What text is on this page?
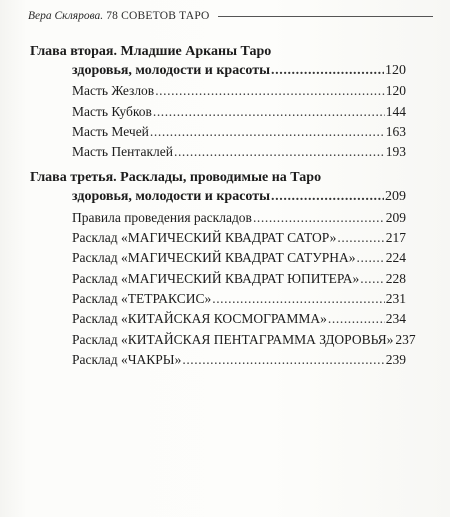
Вера Склярова. 78 СОВЕТОВ ТАРО
Глава вторая. Младшие Арканы Таро
здоровья, молодости и красоты .....	120
Масть Жезлов .....	120
Масть Кубков .....	144
Масть Мечей .....	163
Масть Пентаклей .....	193
Глава третья. Расклады, проводимые на Таро
здоровья, молодости и красоты .....	209
Правила проведения раскладов .....	209
Расклад «МАГИЧЕСКИЙ КВАДРАТ САТОР» .....	217
Расклад «МАГИЧЕСКИЙ КВАДРАТ САТУРНА» ..... 224
Расклад «МАГИЧЕСКИЙ КВАДРАТ ЮПИТЕРА» ..... 228
Расклад «ТЕТРАКСИС» .....	231
Расклад «КИТАЙСКАЯ КОСМОГРАММА» .....	234
Расклад «КИТАЙСКАЯ ПЕНТАГРАММА ЗДОРОВЬЯ» 237
Расклад «ЧАКРЫ» .....	239
